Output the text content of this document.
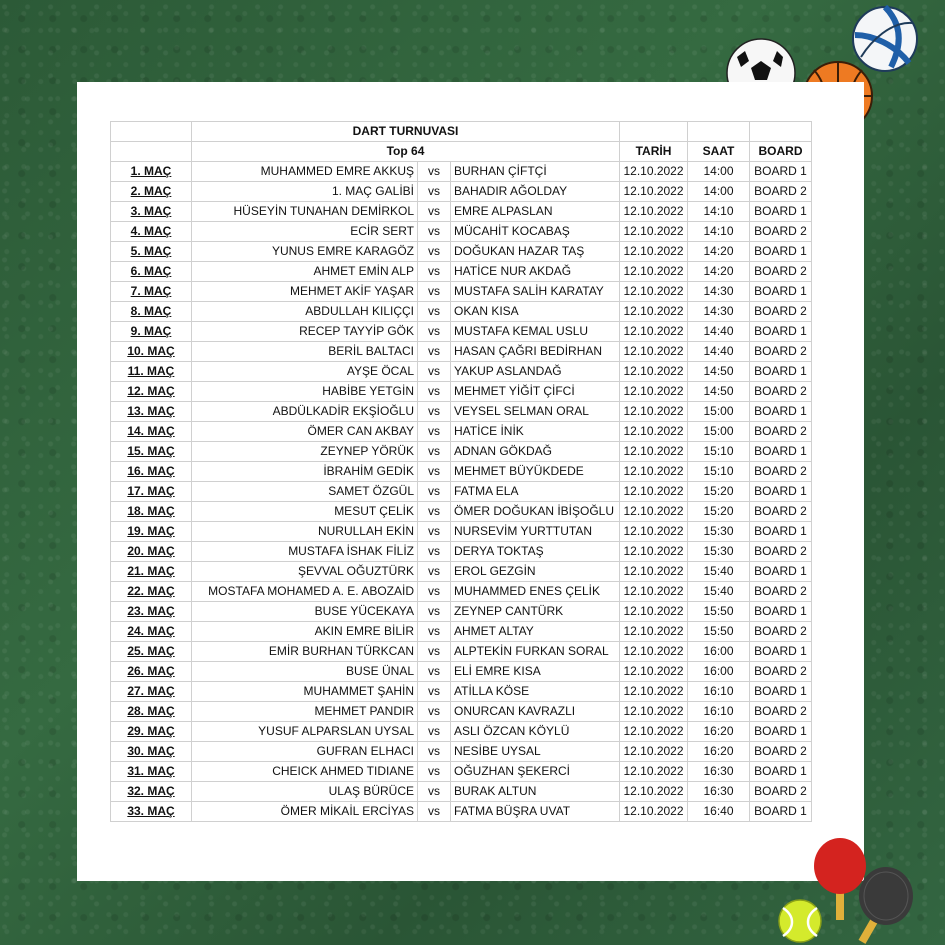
	DART TURNUVASI					
	Top 64			TARİH	SAAT	BOARD
1. MAÇ	MUHAMMED EMRE AKKUŞ	vs	BURHAN ÇİFTÇİ	12.10.2022	14:00	BOARD 1
2. MAÇ	1. MAÇ GALİBİ	vs	BAHADIR AĞOLDAY	12.10.2022	14:00	BOARD 2
3. MAÇ	HÜSEYİN TUNAHAN DEMİRKOL	vs	EMRE ALPASLAN	12.10.2022	14:10	BOARD 1
4. MAÇ	ECİR SERT	vs	MÜCAHİT KOCABAŞ	12.10.2022	14:10	BOARD 2
5. MAÇ	YUNUS EMRE KARAGÖZ	vs	DOĞUKAN HAZAR TAŞ	12.10.2022	14:20	BOARD 1
6. MAÇ	AHMET EMİN ALP	vs	HATİCE NUR AKDAĞ	12.10.2022	14:20	BOARD 2
7. MAÇ	MEHMET AKİF YAŞAR	vs	MUSTAFA SALİH KARATAY	12.10.2022	14:30	BOARD 1
8. MAÇ	ABDULLAH KILIÇÇI	vs	OKAN KISA	12.10.2022	14:30	BOARD 2
9. MAÇ	RECEP TAYYİP GÖK	vs	MUSTAFA KEMAL USLU	12.10.2022	14:40	BOARD 1
10. MAÇ	BERİL BALTACI	vs	HASAN ÇAĞRI BEDİRHAN	12.10.2022	14:40	BOARD 2
11. MAÇ	AYŞE ÖCAL	vs	YAKUP ASLANDAĞ	12.10.2022	14:50	BOARD 1
12. MAÇ	HABİBE YETGİN	vs	MEHMET YİĞİT ÇİFCİ	12.10.2022	14:50	BOARD 2
13. MAÇ	ABDÜLKADİR EKŞİOĞLU	vs	VEYSEL SELMAN ORAL	12.10.2022	15:00	BOARD 1
14. MAÇ	ÖMER CAN AKBAY	vs	HATİCE İNİK	12.10.2022	15:00	BOARD 2
15. MAÇ	ZEYNEP YÖRÜK	vs	ADNAN GÖKDAĞ	12.10.2022	15:10	BOARD 1
16. MAÇ	İBRAHİM GEDİK	vs	MEHMET BÜYÜKDEDE	12.10.2022	15:10	BOARD 2
17. MAÇ	SAMET ÖZGÜL	vs	FATMA ELA	12.10.2022	15:20	BOARD 1
18. MAÇ	MESUT ÇELİK	vs	ÖMER DOĞUKAN İBİŞOĞLU	12.10.2022	15:20	BOARD 2
19. MAÇ	NURULLAH EKİN	vs	NURSEVİM YURTTUTAN	12.10.2022	15:30	BOARD 1
20. MAÇ	MUSTAFA İSHAK FİLİZ	vs	DERYA TOKTAŞ	12.10.2022	15:30	BOARD 2
21. MAÇ	ŞEVVAL OĞUZTÜRK	vs	EROL GEZGİN	12.10.2022	15:40	BOARD 1
22. MAÇ	MOSTAFA MOHAMED A. E. ABOZAİD	vs	MUHAMMED ENES ÇELİK	12.10.2022	15:40	BOARD 2
23. MAÇ	BUSE YÜCEKAYA	vs	ZEYNEP CANTÜRK	12.10.2022	15:50	BOARD 1
24. MAÇ	AKIN EMRE BİLİR	vs	AHMET ALTAY	12.10.2022	15:50	BOARD 2
25. MAÇ	EMİR BURHAN TÜRKCAN	vs	ALPTEKİN FURKAN SORAL	12.10.2022	16:00	BOARD 1
26. MAÇ	BUSE ÜNAL	vs	ELİ EMRE KISA	12.10.2022	16:00	BOARD 2
27. MAÇ	MUHAMMET ŞAHİN	vs	ATİLLA KÖSE	12.10.2022	16:10	BOARD 1
28. MAÇ	MEHMET PANDIR	vs	ONURCAN KAVRAZLI	12.10.2022	16:10	BOARD 2
29. MAÇ	YUSUF ALPARSLAN UYSAL	vs	ASLI ÖZCAN KÖYLÜ	12.10.2022	16:20	BOARD 1
30. MAÇ	GUFRAN ELHACI	vs	NESİBE UYSAL	12.10.2022	16:20	BOARD 2
31. MAÇ	CHEICK AHMED TIDIANE	vs	OĞUZHAN ŞEKERCİ	12.10.2022	16:30	BOARD 1
32. MAÇ	ULAŞ BÜRÜCE	vs	BURAK ALTUN	12.10.2022	16:30	BOARD 2
33. MAÇ	ÖMER MİKAİL ERCİYAS	vs	FATMA BÜŞRA UVAT	12.10.2022	16:40	BOARD 1
